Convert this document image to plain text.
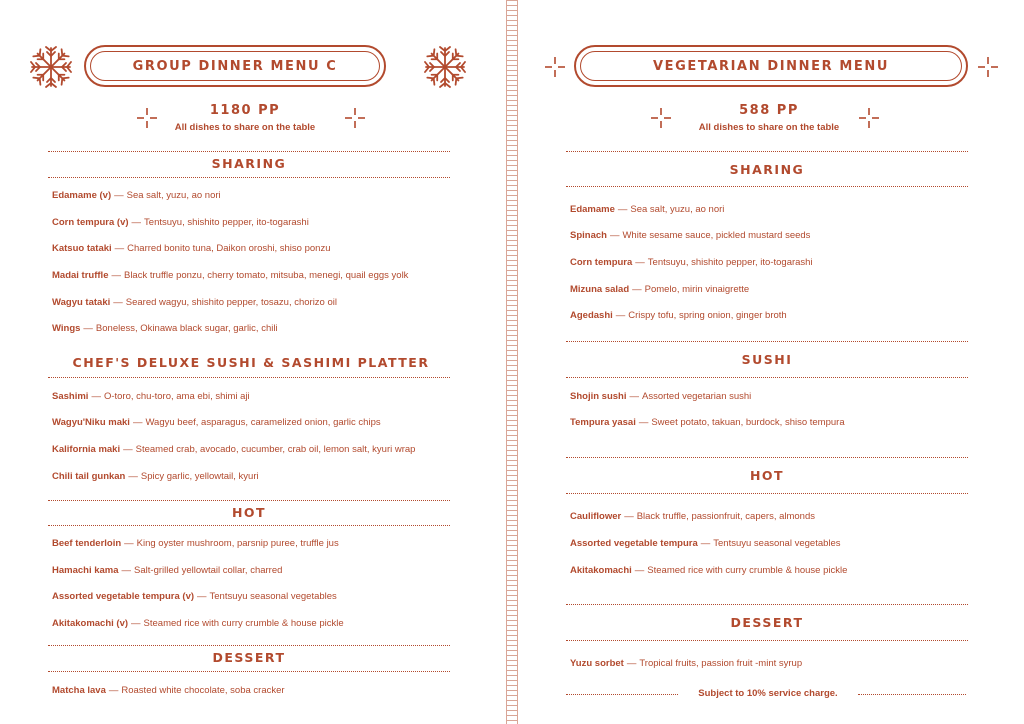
GROUP DINNER MENU C
1180 PP
All dishes to share on the table
SHARING
Edamame (v) — Sea salt, yuzu, ao nori
Corn tempura (v) — Tentsuyu, shishito pepper, ito-togarashi
Katsuo tataki — Charred bonito tuna, Daikon oroshi, shiso ponzu
Madai truffle — Black truffle ponzu, cherry tomato, mitsuba, menegi, quail eggs yolk
Wagyu tataki — Seared wagyu, shishito pepper, tosazu, chorizo oil
Wings — Boneless, Okinawa black sugar, garlic, chili
CHEF'S DELUXE SUSHI & SASHIMI PLATTER
Sashimi — O-toro, chu-toro, ama ebi, shimi aji
Wagyu'Niku maki — Wagyu beef, asparagus, caramelized onion, garlic chips
Kalifornia maki — Steamed crab, avocado, cucumber, crab oil, lemon salt, kyuri wrap
Chili tail gunkan — Spicy garlic, yellowtail, kyuri
HOT
Beef tenderloin — King oyster mushroom, parsnip puree, truffle jus
Hamachi kama — Salt-grilled yellowtail collar, charred
Assorted vegetable tempura (v) — Tentsuyu seasonal vegetables
Akitakomachi (v) — Steamed rice with curry crumble & house pickle
DESSERT
Matcha lava — Roasted white chocolate, soba cracker
VEGETARIAN DINNER MENU
588 PP
All dishes to share on the table
SHARING
Edamame — Sea salt, yuzu, ao nori
Spinach — White sesame sauce, pickled mustard seeds
Corn tempura — Tentsuyu, shishito pepper, ito-togarashi
Mizuna salad — Pomelo, mirin vinaigrette
Agedashi — Crispy tofu, spring onion, ginger broth
SUSHI
Shojin sushi — Assorted vegetarian sushi
Tempura yasai — Sweet potato, takuan, burdock, shiso tempura
HOT
Cauliflower — Black truffle, passionfruit, capers, almonds
Assorted vegetable tempura — Tentsuyu seasonal vegetables
Akitakomachi — Steamed rice with curry crumble & house pickle
DESSERT
Yuzu sorbet — Tropical fruits, passion fruit -mint syrup
Subject to 10% service charge.
